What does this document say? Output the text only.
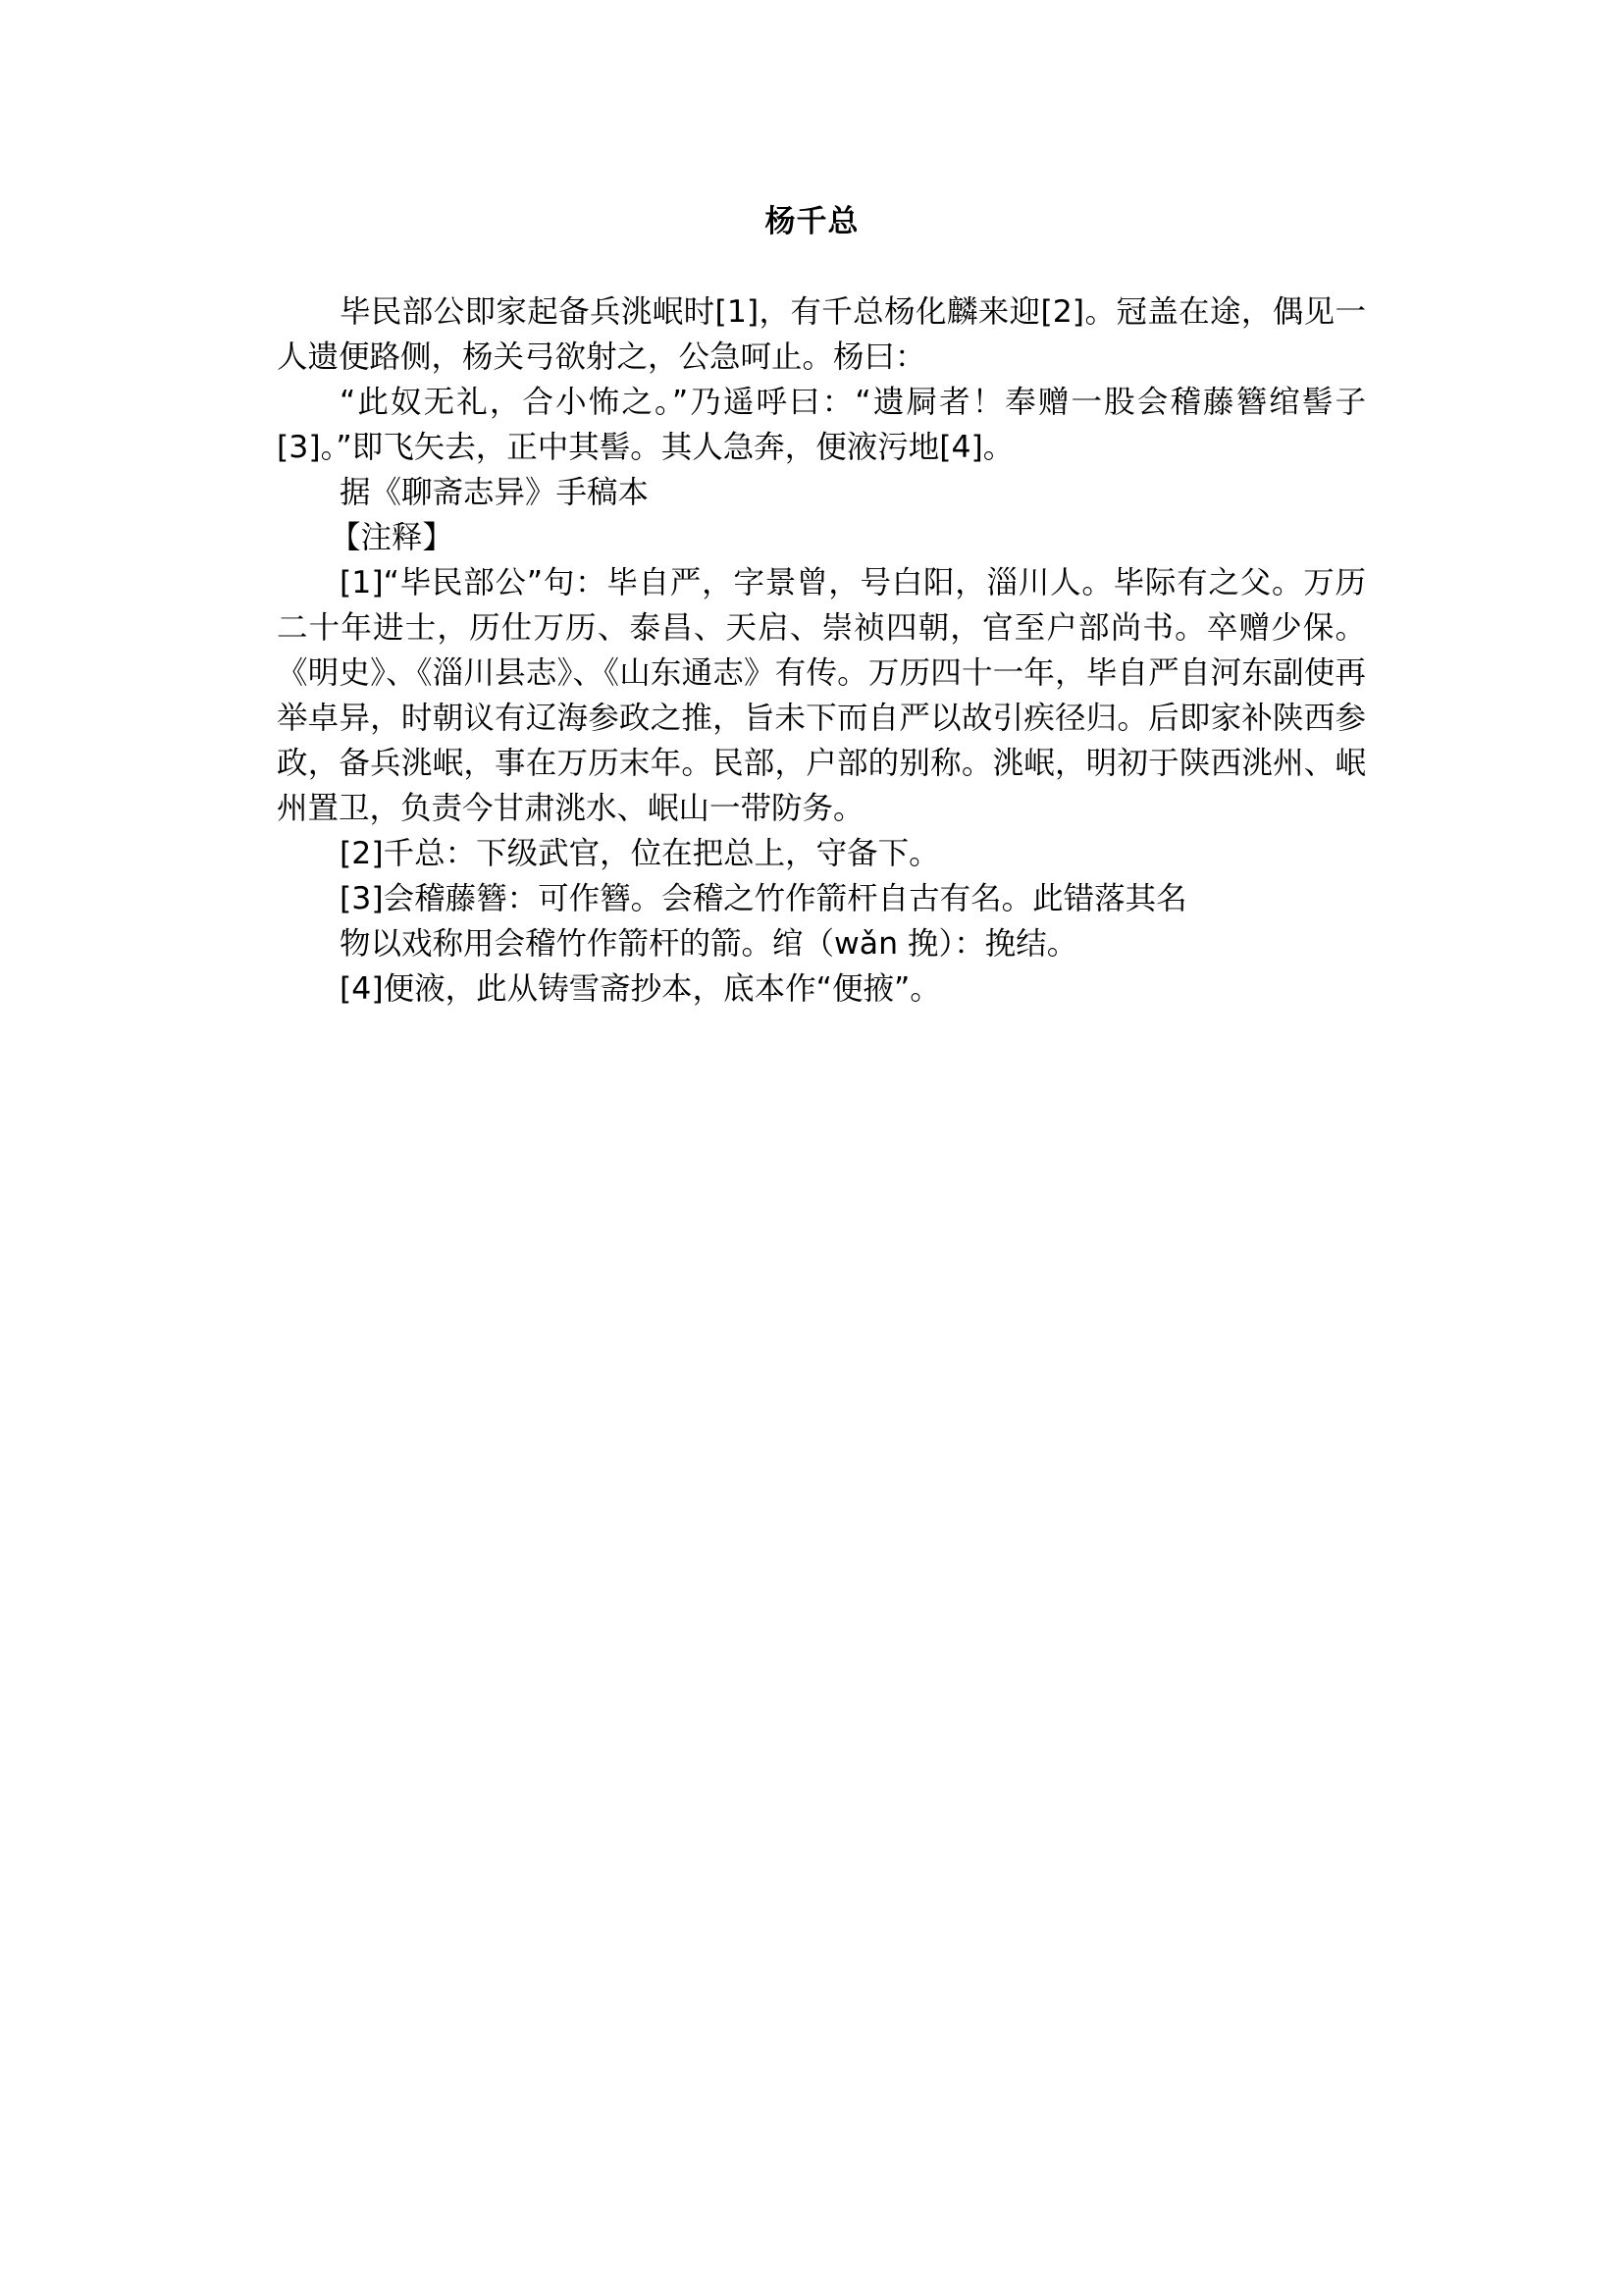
杨千总

毕民部公即家起备兵洮岷时[1]，有千总杨化麟来迎[2]。冠盖在途，偶见一人遗便路侧，杨关弓欲射之，公急呵止。杨曰：

“此奴无礼，合小怖之。”乃遥呼曰：“遗屙者！奉赠一股会稽藤簪绾髻子[3]。”即飞矢去，正中其髻。其人急奔，便液污地[4]。

据《聊斋志异》手稿本

【注释】

[1]“毕民部公”句：毕自严，字景曾，号白阳，淄川人。毕际有之父。万历二十年进士，历仕万历、泰昌、天启、崇祯四朝，官至户部尚书。卒赠少保。《明史》、《淄川县志》、《山东通志》有传。万历四十一年，毕自严自河东副使再举卓异，时朝议有辽海参政之推，旨未下而自严以故引疾径归。后即家补陕西参政，备兵洮岷，事在万历末年。民部，户部的别称。洮岷，明初于陕西洮州、岷州置卫，负责今甘肃洮水、岷山一带防务。

[2]千总：下级武官，位在把总上，守备下。

[3]会稽藤簪：可作簪。会稽之竹作箭杆自古有名。此错落其名

物以戏称用会稽竹作箭杆的箭。绾（wǎn 挽）：挽结。

[4]便液，此从铸雪斋抄本，底本作“便掖”。
